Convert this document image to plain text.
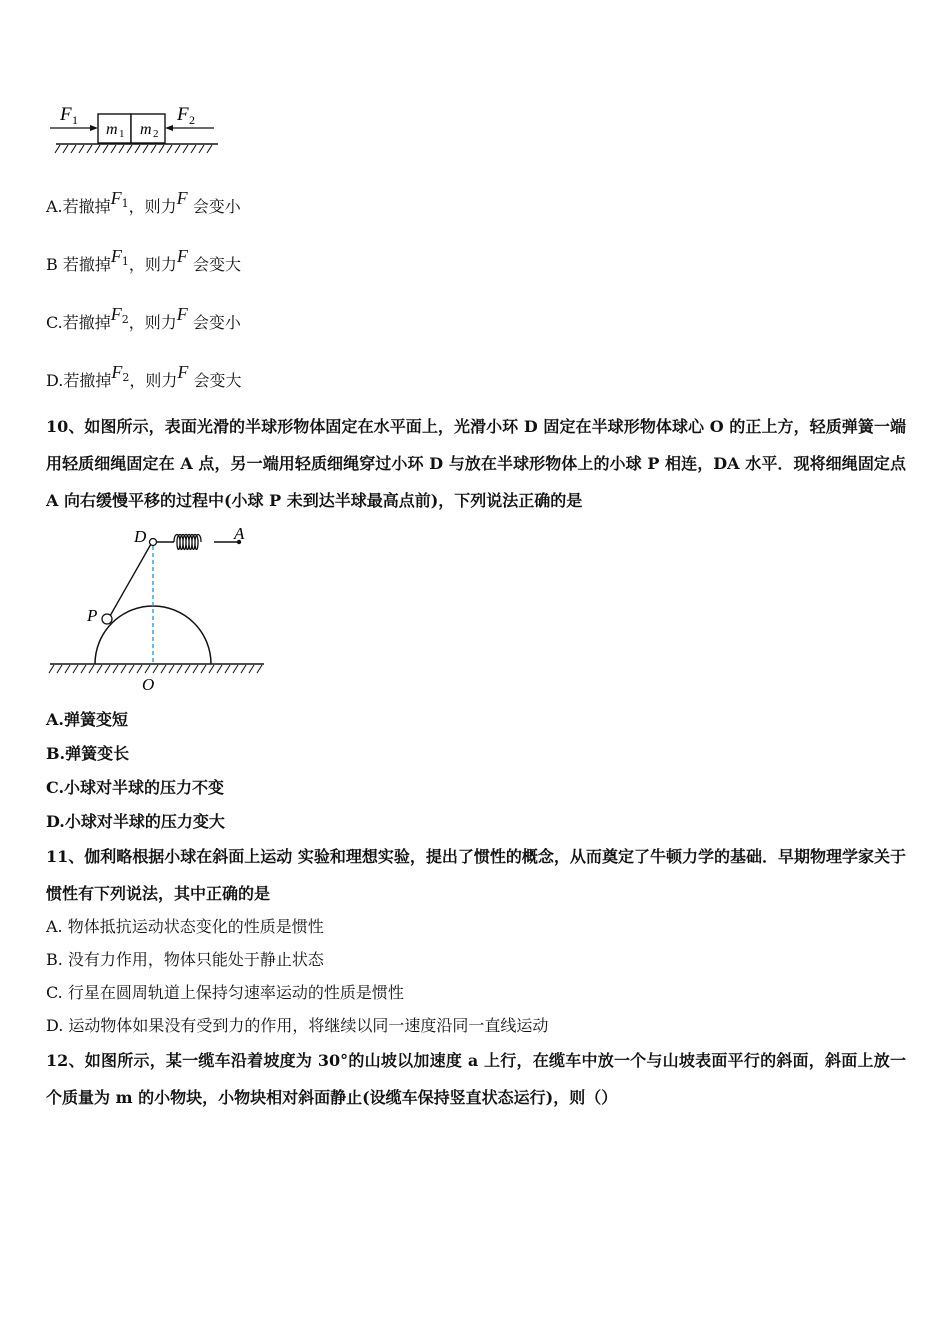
F 1
m 1 m 2
F 2
A.若撤掉F1，则力F 会变小
B 若撤掉F1，则力F 会变大
C.若撤掉F2，则力F 会变小
D.若撤掉F2，则力F 会变大
10、如图所示，表面光滑的半球形物体固定在水平面上，光滑小环 D 固定在半球形物体球心 O 的正上方，轻质弹簧一端用轻质细绳固定在 A 点，另一端用轻质细绳穿过小环 D 与放在半球形物体上的小球 P 相连，DA 水平．现将细绳固定点 A 向右缓慢平移的过程中(小球 P 未到达半球最高点前)，下列说法正确的是
D	A
P
O
A.弹簧变短
B.弹簧变长
C.小球对半球的压力不变
D.小球对半球的压力变大
11、伽利略根据小球在斜面上运动 实验和理想实验，提出了惯性的概念，从而奠定了牛顿力学的基础．早期物理学家关于惯性有下列说法，其中正确的是
A. 物体抵抗运动状态变化的性质是惯性
B. 没有力作用，物体只能处于静止状态
C. 行星在圆周轨道上保持匀速率运动的性质是惯性
D. 运动物体如果没有受到力的作用，将继续以同一速度沿同一直线运动
12、如图所示，某一缆车沿着坡度为 30°的山坡以加速度 a 上行，在缆车中放一个与山坡表面平行的斜面，斜面上放一个质量为 m 的小物块，小物块相对斜面静止(设缆车保持竖直状态运行)，则（）
